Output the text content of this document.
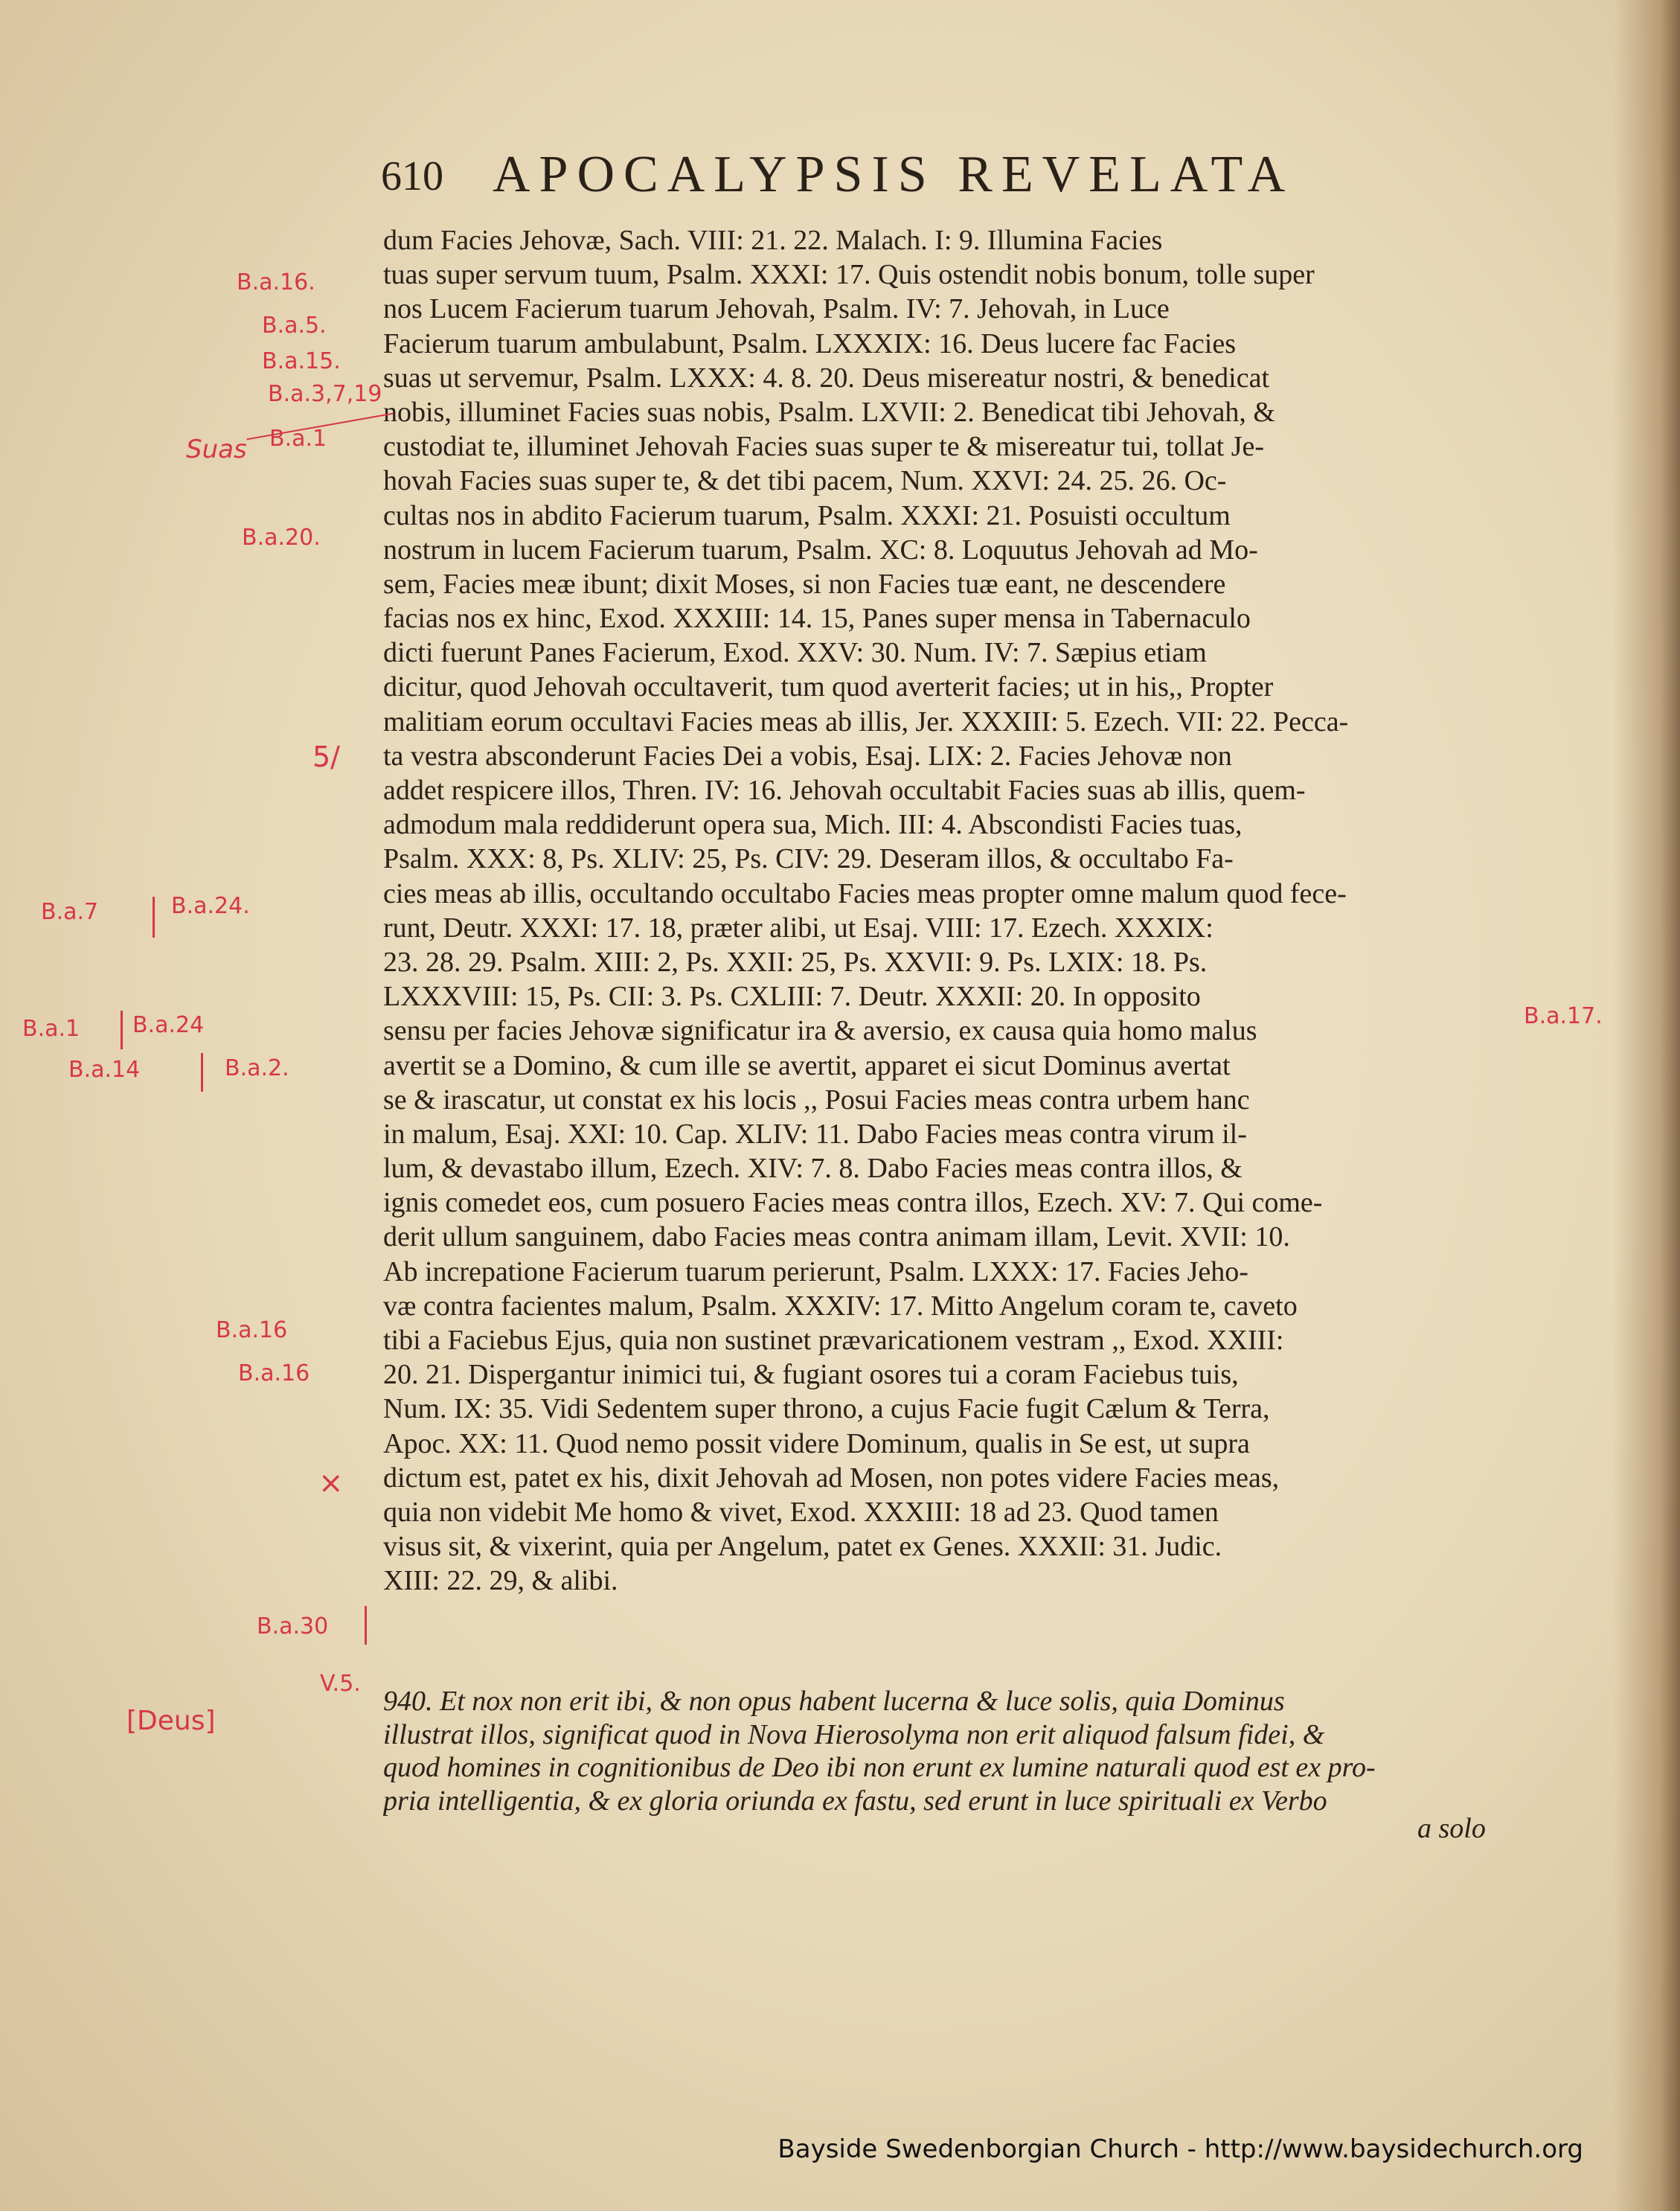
610 APOCALYPSIS REVELATA
dum Facies Jehovæ, Sach. VIII: 21. 22. Malach. I: 9. Illumina Facies
tuas super servum tuum, Psalm. XXXI: 17. Quis ostendit nobis bonum, tolle super
nos Lucem Facierum tuarum Jehovah, Psalm. IV: 7. Jehovah, in Luce
Facierum tuarum ambulabunt, Psalm. LXXXIX: 16. Deus lucere fac Facies
suas ut servemur, Psalm. LXXX: 4. 8. 20. Deus misereatur nostri, & benedicat
nobis, illuminet Facies suas nobis, Psalm. LXVII: 2. Benedicat tibi Jehovah, &
custodiat te, illuminet Jehovah Facies suas super te & misereatur tui, tollat Je-
hovah Facies suas super te, & det tibi pacem, Num. XXVI: 24. 25. 26. Oc-
cultas nos in abdito Facierum tuarum, Psalm. XXXI: 21. Posuisti occultum
nostrum in lucem Facierum tuarum, Psalm. XC: 8. Loquutus Jehovah ad Mo-
sem, Facies meæ ibunt; dixit Moses, si non Facies tuæ eant, ne descendere
facias nos ex hinc, Exod. XXXIII: 14. 15, Panes super mensa in Tabernaculo
dicti fuerunt Panes Facierum, Exod. XXV: 30. Num. IV: 7. Sæpius etiam
dicitur, quod Jehovah occultaverit, tum quod averterit facies; ut in his,, Propter
malitiam eorum occultavi Facies meas ab illis, Jer. XXXIII: 5. Ezech. VII: 22. Pecca-
ta vestra absconderunt Facies Dei a vobis, Esaj. LIX: 2. Facies Jehovæ non
addet respicere illos, Thren. IV: 16. Jehovah occultabit Facies suas ab illis, quem-
admodum mala reddiderunt opera sua, Mich. III: 4. Abscondisti Facies tuas,
Psalm. XXX: 8, Ps. XLIV: 25, Ps. CIV: 29. Deseram illos, & occultabo Fa-
cies meas ab illis, occultando occultabo Facies meas propter omne malum quod fece-
runt, Deutr. XXXI: 17. 18, præter alibi, ut Esaj. VIII: 17. Ezech. XXXIX:
23. 28. 29. Psalm. XIII: 2, Ps. XXII: 25, Ps. XXVII: 9. Ps. LXIX: 18. Ps.
LXXXVIII: 15, Ps. CII: 3. Ps. CXLIII: 7. Deutr. XXXII: 20. In opposito
sensu per facies Jehovæ significatur ira & aversio, ex causa quia homo malus
avertit se a Domino, & cum ille se avertit, apparet ei sicut Dominus avertat
se & irascatur, ut constat ex his locis ,, Posui Facies meas contra urbem hanc
in malum, Esaj. XXI: 10. Cap. XLIV: 11. Dabo Facies meas contra virum il-
lum, & devastabo illum, Ezech. XIV: 7. 8. Dabo Facies meas contra illos, &
ignis comedet eos, cum posuero Facies meas contra illos, Ezech. XV: 7. Qui come-
derit ullum sanguinem, dabo Facies meas contra animam illam, Levit. XVII: 10.
Ab increpatione Facierum tuarum perierunt, Psalm. LXXX: 17. Facies Jeho-
væ contra facientes malum, Psalm. XXXIV: 17. Mitto Angelum coram te, caveto
tibi a Faciebus Ejus, quia non sustinet prævaricationem vestram ,, Exod. XXIII:
20. 21. Dispergantur inimici tui, & fugiant osores tui a coram Faciebus tuis,
Num. IX: 35. Vidi Sedentem super throno, a cujus Facie fugit Cælum & Terra,
Apoc. XX: 11. Quod nemo possit videre Dominum, qualis in Se est, ut supra
dictum est, patet ex his, dixit Jehovah ad Mosen, non potes videre Facies meas,
quia non videbit Me homo & vivet, Exod. XXXIII: 18 ad 23. Quod tamen
visus sit, & vixerint, quia per Angelum, patet ex Genes. XXXII: 31. Judic.
XIII: 22. 29, & alibi.
940. Et nox non erit ibi, & non opus habent lucerna & luce solis, quia Dominus
illustrat illos, significat quod in Nova Hierosolyma non erit aliquod falsum fidei, &
quod homines in cognitionibus de Deo ibi non erunt ex lumine naturali quod est ex pro-
pria intelligentia, & ex gloria oriunda ex fastu, sed erunt in luce spirituali ex Verbo
a solo
B.a.16.
B.a.5.
B.a.15.
B.a.3,7,19
Suas B.a.1
B.a.20.
5/
B.a.7	B.a.24.
B.a.1 B.a.24
B.a.14	B.a.2.
B.a.17.
B.a.16
B.a.16
×
B.a.30
V.5.
[Deus]
Bayside Swedenborgian Church - http://www.baysidechurch.org
